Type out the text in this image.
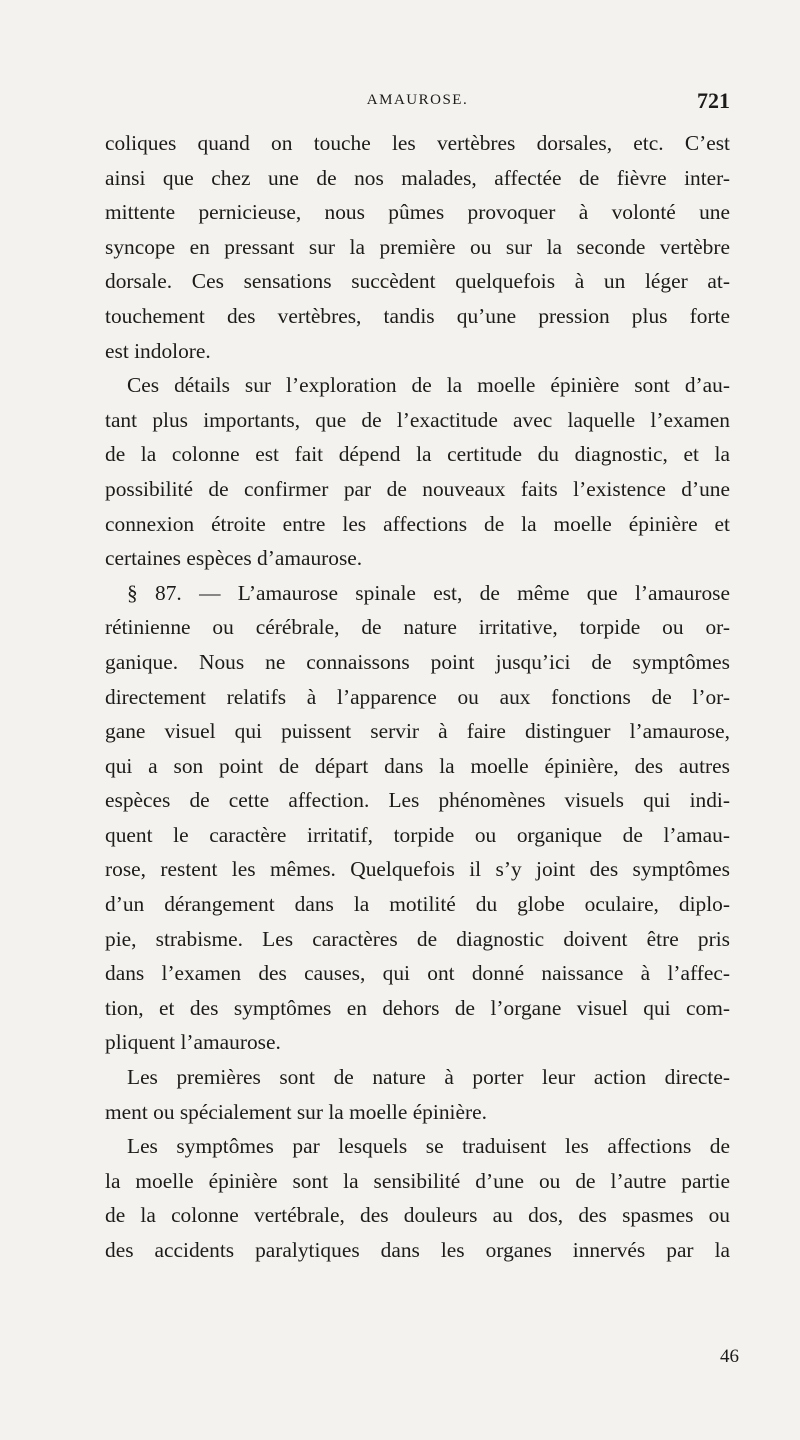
AMAUROSE.	721
coliques quand on touche les vertèbres dorsales, etc. C’est
ainsi que chez une de nos malades, affectée de fièvre inter-
mittente pernicieuse, nous pûmes provoquer à volonté une
syncope en pressant sur la première ou sur la seconde vertèbre
dorsale. Ces sensations succèdent quelquefois à un léger at-
touchement des vertèbres, tandis qu’une pression plus forte
est indolore.
Ces détails sur l’exploration de la moelle épinière sont d’au-
tant plus importants, que de l’exactitude avec laquelle l’examen
de la colonne est fait dépend la certitude du diagnostic, et la
possibilité de confirmer par de nouveaux faits l’existence d’une
connexion étroite entre les affections de la moelle épinière et
certaines espèces d’amaurose.
§ 87. — L’amaurose spinale est, de même que l’amaurose
rétinienne ou cérébrale, de nature irritative, torpide ou or-
ganique. Nous ne connaissons point jusqu’ici de symptômes
directement relatifs à l’apparence ou aux fonctions de l’or-
gane visuel qui puissent servir à faire distinguer l’amaurose,
qui a son point de départ dans la moelle épinière, des autres
espèces de cette affection. Les phénomènes visuels qui indi-
quent le caractère irritatif, torpide ou organique de l’amau-
rose, restent les mêmes. Quelquefois il s’y joint des symptômes
d’un dérangement dans la motilité du globe oculaire, diplo-
pie, strabisme. Les caractères de diagnostic doivent être pris
dans l’examen des causes, qui ont donné naissance à l’affec-
tion, et des symptômes en dehors de l’organe visuel qui com-
pliquent l’amaurose.
Les premières sont de nature à porter leur action directe-
ment ou spécialement sur la moelle épinière.
Les symptômes par lesquels se traduisent les affections de
la moelle épinière sont la sensibilité d’une ou de l’autre partie
de la colonne vertébrale, des douleurs au dos, des spasmes ou
des accidents paralytiques dans les organes innervés par la
46
